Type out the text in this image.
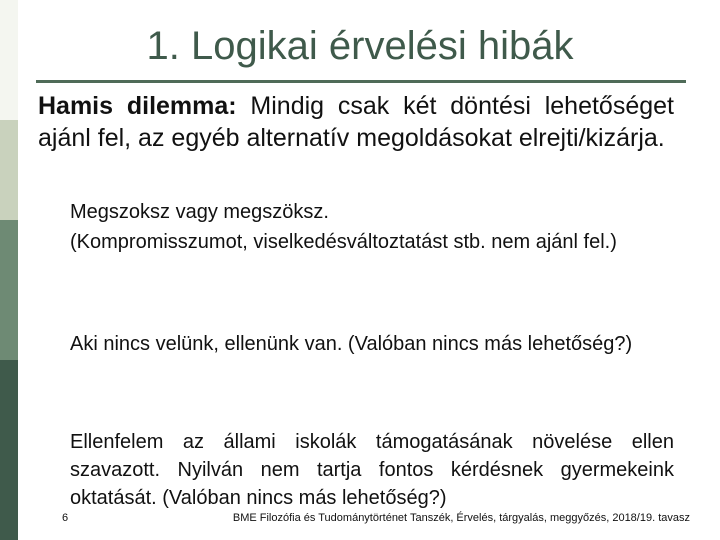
1. Logikai érvelési hibák
Hamis dilemma: Mindig csak két döntési lehetőséget ajánl fel, az egyéb alternatív megoldásokat elrejti/kizárja.
Megszoksz vagy megszöksz.
(Kompromisszumot, viselkedésváltoztatást stb. nem ajánl fel.)
Aki nincs velünk, ellenünk van. (Valóban nincs más lehetőség?)
Ellenfelem az állami iskolák támogatásának növelése ellen szavazott. Nyilván nem tartja fontos kérdésnek gyermekeink oktatását. (Valóban nincs más lehetőség?)
6	BME Filozófia és Tudománytörténet Tanszék, Érvelés, tárgyalás, meggyőzés, 2018/19. tavasz
